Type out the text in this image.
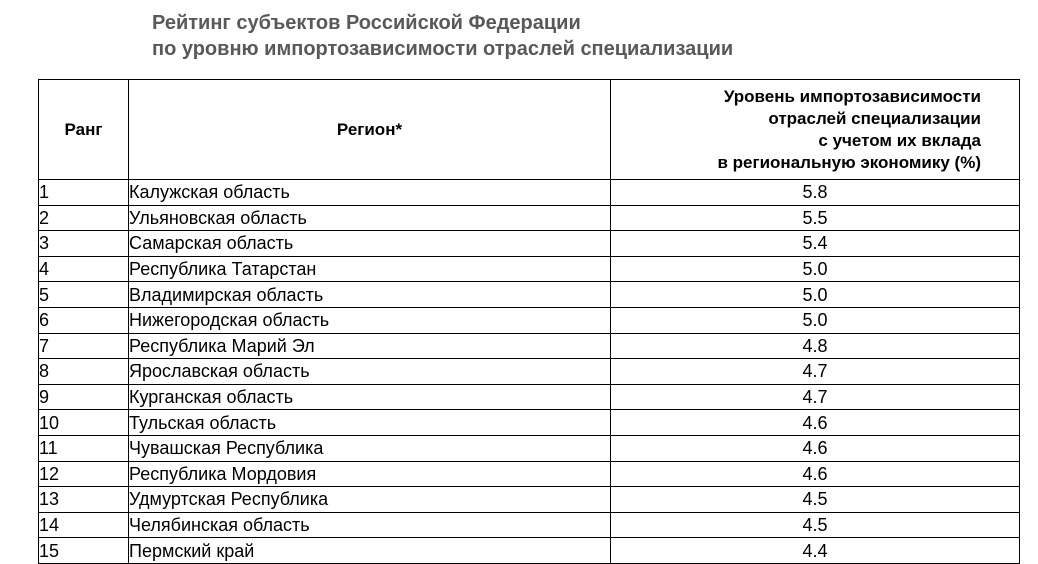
Рейтинг субъектов Российской Федерации
по уровню импортозависимости отраслей специализации
Ранг	Регион*	Уровень импортозависимости
отраслей специализации
с учетом их вклада
в региональную экономику (%)
1	Калужская область	5.8
2	Ульяновская область	5.5
3	Самарская область	5.4
4	Республика Татарстан	5.0
5	Владимирская область	5.0
6	Нижегородская область	5.0
7	Республика Марий Эл	4.8
8	Ярославская область	4.7
9	Курганская область	4.7
10	Тульская область	4.6
11	Чувашская Республика	4.6
12	Республика Мордовия	4.6
13	Удмуртская Республика	4.5
14	Челябинская область	4.5
15	Пермский край	4.4
